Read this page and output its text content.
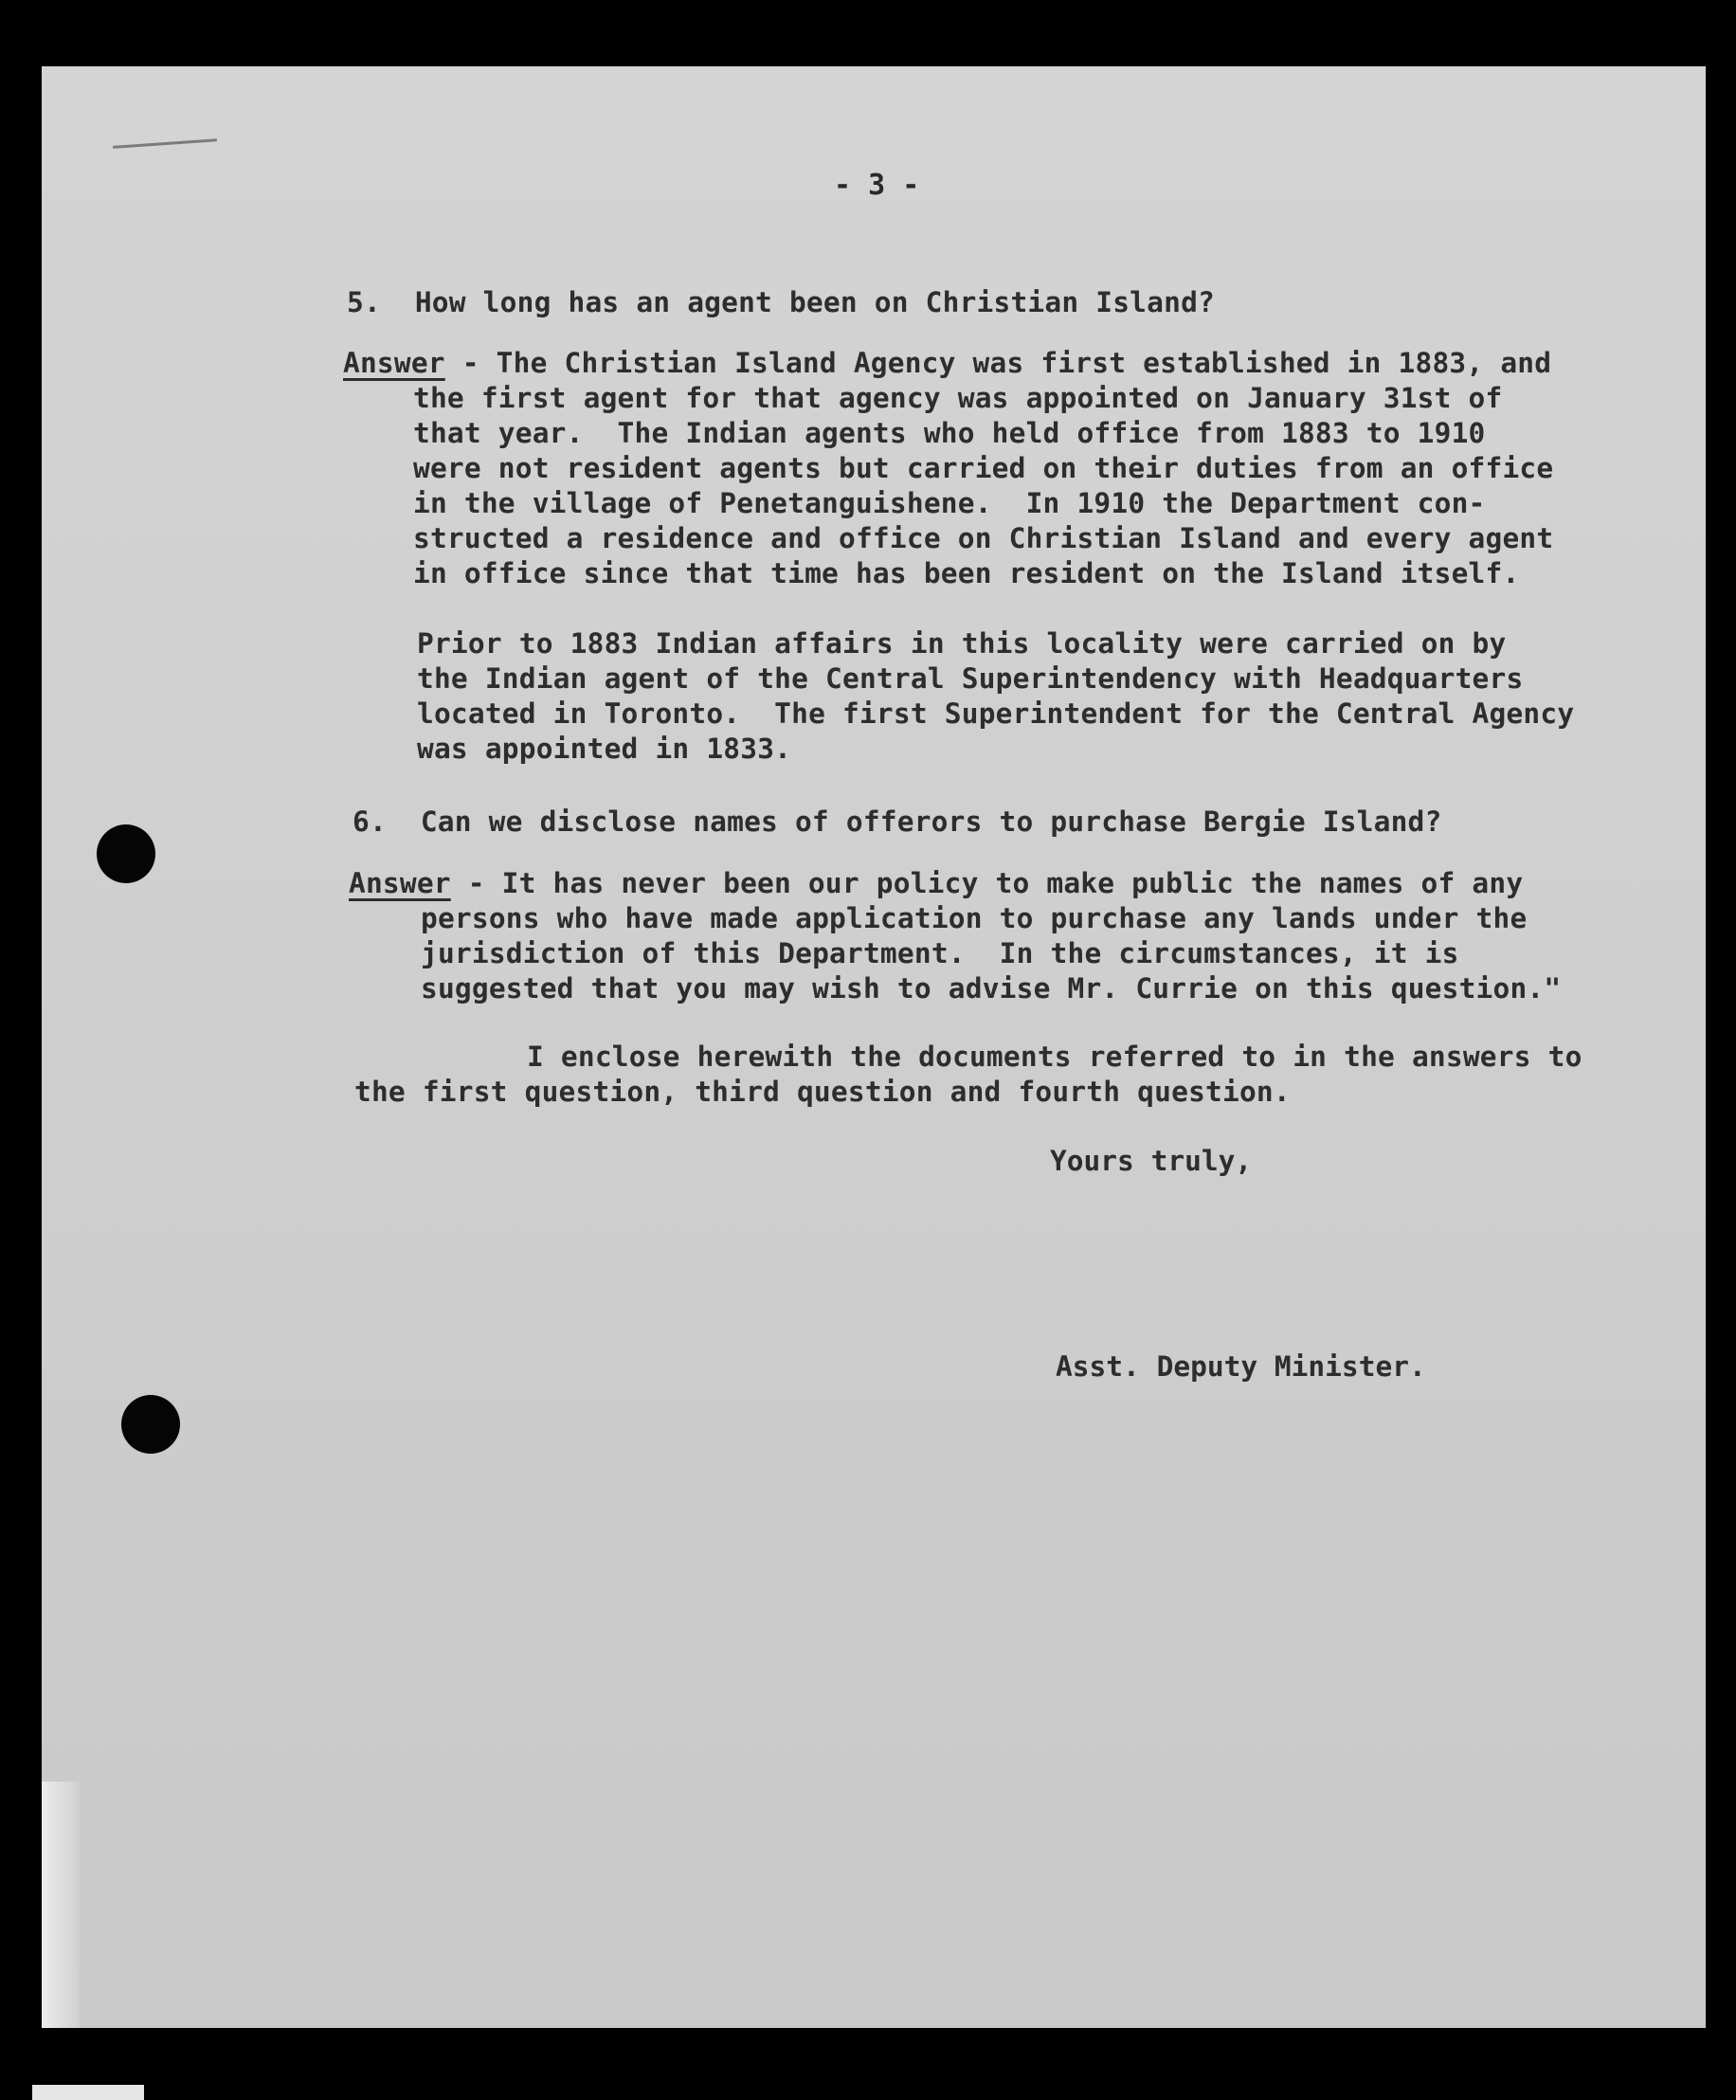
- 3 -
5. How long has an agent been on Christian Island?
Answer - The Christian Island Agency was first established in 1883, and
the first agent for that agency was appointed on January 31st of
that year.  The Indian agents who held office from 1883 to 1910
were not resident agents but carried on their duties from an office
in the village of Penetanguishene.  In 1910 the Department con-
structed a residence and office on Christian Island and every agent
in office since that time has been resident on the Island itself.
Prior to 1883 Indian affairs in this locality were carried on by
the Indian agent of the Central Superintendency with Headquarters
located in Toronto.  The first Superintendent for the Central Agency
was appointed in 1833.
6. Can we disclose names of offerors to purchase Bergie Island?
Answer - It has never been our policy to make public the names of any
persons who have made application to purchase any lands under the
jurisdiction of this Department.  In the circumstances, it is
suggested that you may wish to advise Mr. Currie on this question."
I enclose herewith the documents referred to in the answers to
the first question, third question and fourth question.
Yours truly,
Asst. Deputy Minister.
